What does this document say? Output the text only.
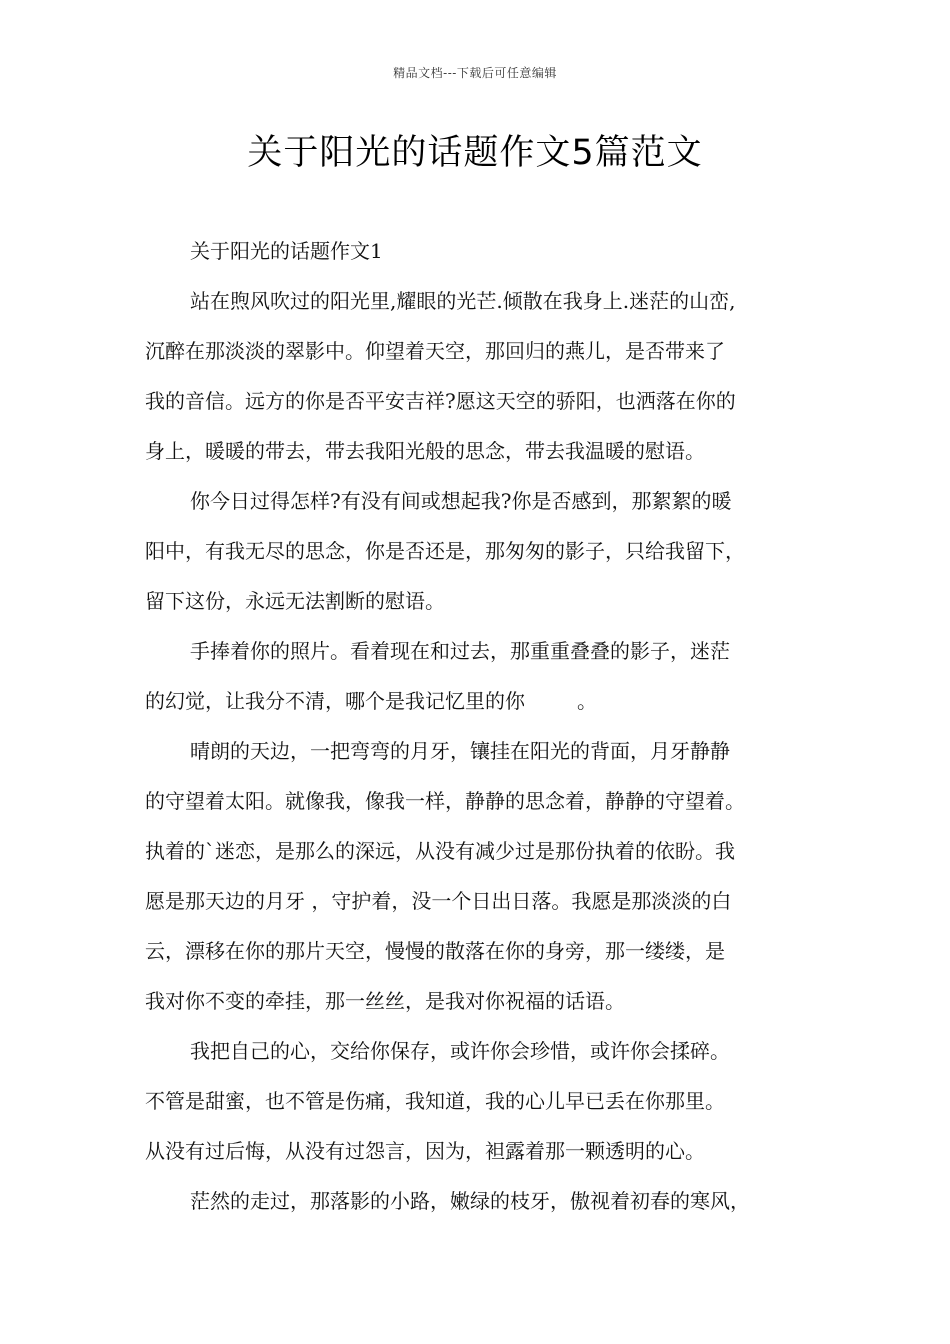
精品文档---下载后可任意编辑
关于阳光的话题作文5篇范文
关于阳光的话题作文1
站在煦风吹过的阳光里,耀眼的光芒.倾散在我身上.迷茫的山峦,
沉醉在那淡淡的翠影中。仰望着天空，那回归的燕儿，是否带来了
我的音信。远方的你是否平安吉祥?愿这天空的骄阳，也洒落在你的
身上，暖暖的带去，带去我阳光般的思念，带去我温暖的慰语。
你今日过得怎样?有没有间或想起我?你是否感到，那絮絮的暖
阳中，有我无尽的思念，你是否还是，那匆匆的影子，只给我留下，
留下这份，永远无法割断的慰语。
手捧着你的照片。看着现在和过去，那重重叠叠的影子，迷茫
的幻觉，让我分不清，哪个是我记忆里的你	。
晴朗的天边，一把弯弯的月牙，镶挂在阳光的背面，月牙静静
的守望着太阳。就像我，像我一样，静静的思念着，静静的守望着。
执着的`迷恋，是那么的深远，从没有减少过是那份执着的依盼。我
愿是那天边的月牙 ，守护着，没一个日出日落。我愿是那淡淡的白
云，漂移在你的那片天空，慢慢的散落在你的身旁，那一缕缕，是
我对你不变的牵挂，那一丝丝，是我对你祝福的话语。
我把自己的心，交给你保存，或许你会珍惜，或许你会揉碎。
不管是甜蜜，也不管是伤痛，我知道，我的心儿早已丢在你那里。
从没有过后悔，从没有过怨言，因为，袒露着那一颗透明的心。
茫然的走过，那落影的小路，嫩绿的枝牙，傲视着初春的寒风，
